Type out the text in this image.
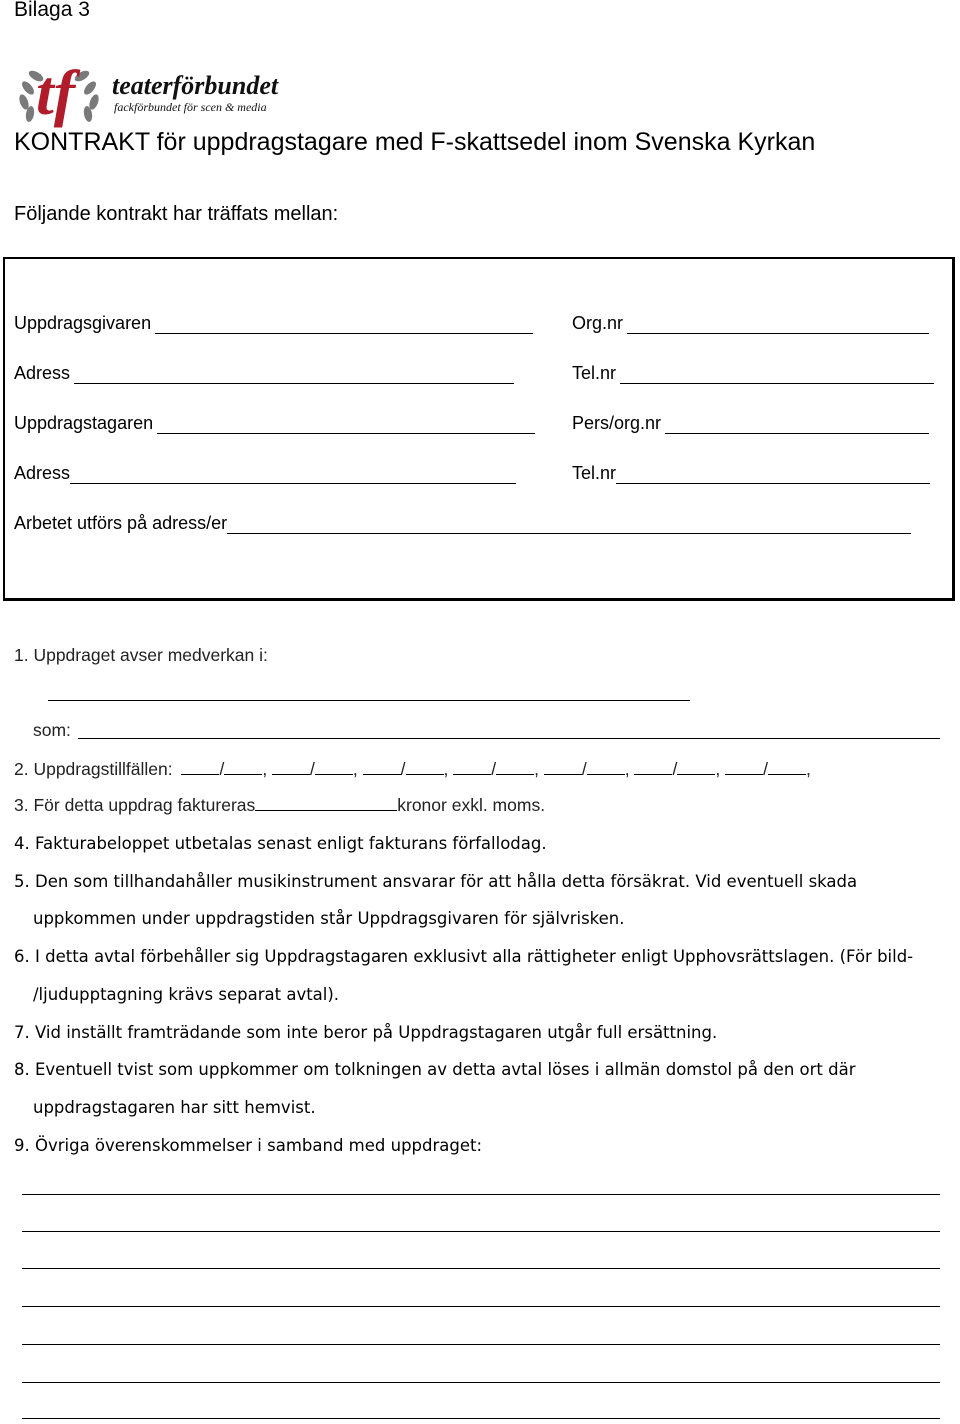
Bilaga 3
tf teaterförbundet
fackförbundet för scen & media
KONTRAKT för uppdragstagare med F-skattsedel inom Svenska Kyrkan
Följande kontrakt har träffats mellan:
Uppdragsgivaren	Org.nr
Adress	Tel.nr
Uppdragstagaren	Pers/org.nr
Adress	Tel.nr
Arbetet utförs på adress/er
1. Uppdraget avser medverkan i:
som:
2. Uppdragstillfällen:	/ , / , / , / , / , / , / ,
3. För detta uppdrag faktureras	kronor exkl. moms.
4. Fakturabeloppet utbetalas senast enligt fakturans förfallodag.
5. Den som tillhandahåller musikinstrument ansvarar för att hålla detta försäkrat. Vid eventuell skada
uppkommen under uppdragstiden står Uppdragsgivaren för självrisken.
6. I detta avtal förbehåller sig Uppdragstagaren exklusivt alla rättigheter enligt Upphovsrättslagen. (För bild-
/ljudupptagning krävs separat avtal).
7. Vid inställt framträdande som inte beror på Uppdragstagaren utgår full ersättning.
8. Eventuell tvist som uppkommer om tolkningen av detta avtal löses i allmän domstol på den ort där
uppdragstagaren har sitt hemvist.
9. Övriga överenskommelser i samband med uppdraget:
